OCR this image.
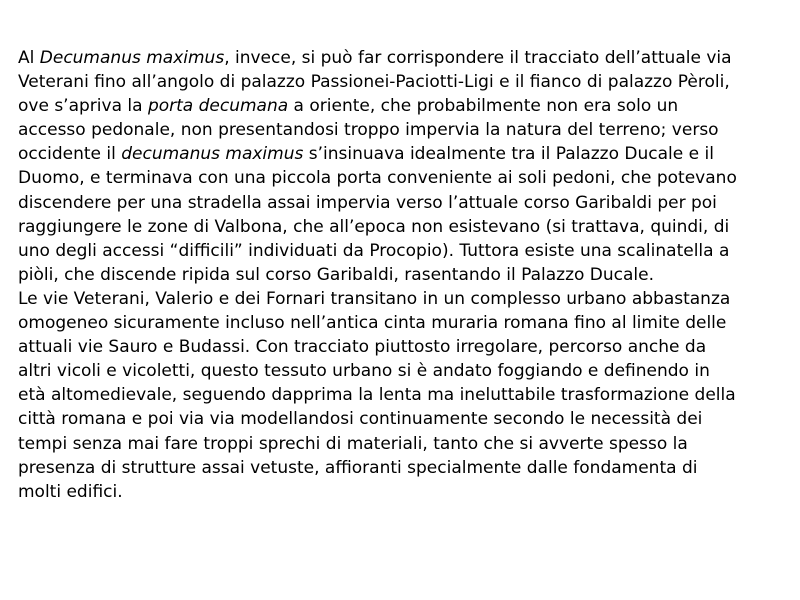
Al Decumanus maximus, invece, si può far corrispondere il tracciato dell’attuale via
Veterani fino all’angolo di palazzo Passionei-Paciotti-Ligi e il fianco di palazzo Pèroli,
ove s’apriva la porta decumana a oriente, che probabilmente non era solo un
accesso pedonale, non presentandosi troppo impervia la natura del terreno; verso
occidente il decumanus maximus s’insinuava idealmente tra il Palazzo Ducale e il
Duomo, e terminava con una piccola porta conveniente ai soli pedoni, che potevano
discendere per una stradella assai impervia verso l’attuale corso Garibaldi per poi
raggiungere le zone di Valbona, che all’epoca non esistevano (si trattava, quindi, di
uno degli accessi “difficili” individuati da Procopio). Tuttora esiste una scalinatella a
piòli, che discende ripida sul corso Garibaldi, rasentando il Palazzo Ducale.

Le vie Veterani, Valerio e dei Fornari transitano in un complesso urbano abbastanza
omogeneo sicuramente incluso nell’antica cinta muraria romana fino al limite delle
attuali vie Sauro e Budassi. Con tracciato piuttosto irregolare, percorso anche da
altri vicoli e vicoletti, questo tessuto urbano si è andato foggiando e definendo in
età altomedievale, seguendo dapprima la lenta ma ineluttabile trasformazione della
città romana e poi via via modellandosi continuamente secondo le necessità dei
tempi senza mai fare troppi sprechi di materiali, tanto che si avverte spesso la
presenza di strutture assai vetuste, affioranti specialmente dalle fondamenta di
molti edifici.
